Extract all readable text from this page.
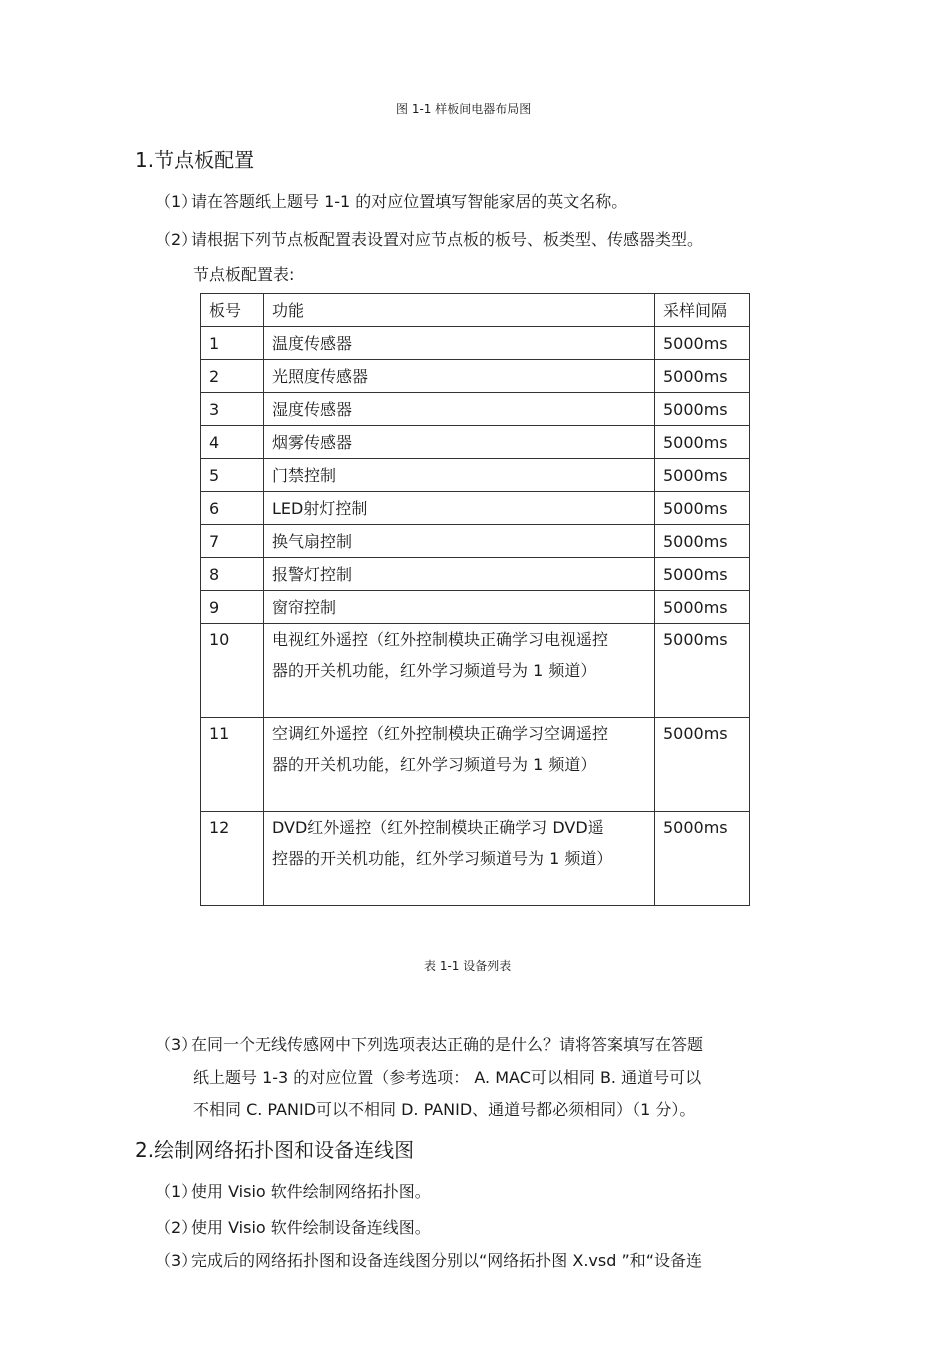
图 1-1 样板间电器布局图
1.节点板配置
（1）请在答题纸上题号 1-1 的对应位置填写智能家居的英文名称。
（2）请根据下列节点板配置表设置对应节点板的板号、板类型、传感器类型。
节点板配置表:
板号	功能	采样间隔
1	温度传感器	5000ms
2	光照度传感器	5000ms
3	湿度传感器	5000ms
4	烟雾传感器	5000ms
5	门禁控制	5000ms
6	LED射灯控制	5000ms
7	换气扇控制	5000ms
8	报警灯控制	5000ms
9	窗帘控制	5000ms
10	电视红外遥控（红外控制模块正确学习电视遥控器的开关机功能，红外学习频道号为 1 频道）	5000ms
11	空调红外遥控（红外控制模块正确学习空调遥控器的开关机功能，红外学习频道号为 1 频道）	5000ms
12	DVD红外遥控（红外控制模块正确学习 DVD遥控器的开关机功能，红外学习频道号为 1 频道）	5000ms
表 1-1 设备列表
（3）在同一个无线传感网中下列选项表达正确的是什么？请将答案填写在答题
纸上题号 1-3 的对应位置（参考选项： A. MAC可以相同 B. 通道号可以
不相同 C. PANID可以不相同 D. PANID、通道号都必须相同）（1 分）。
2.绘制网络拓扑图和设备连线图
（1）使用 Visio 软件绘制网络拓扑图。
（2）使用 Visio 软件绘制设备连线图。
（3）完成后的网络拓扑图和设备连线图分别以“网络拓扑图 X.vsd ”和“设备连
